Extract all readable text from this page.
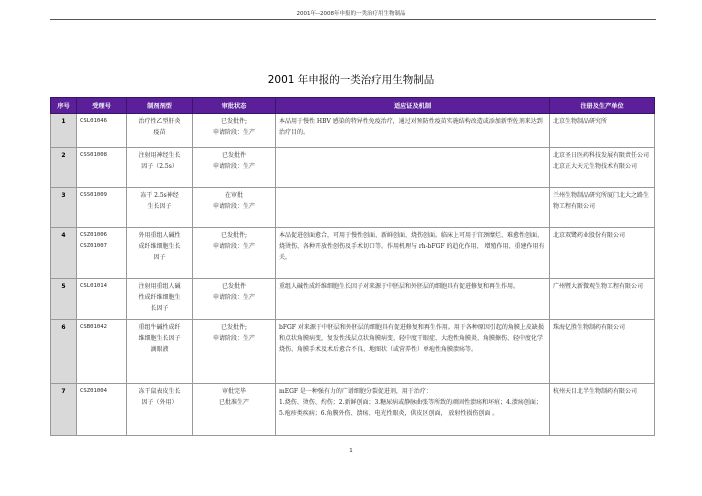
2001年--2008年申报的一类治疗用生物制品
2001 年申报的一类治疗用生物制品
序号	受理号	制剂剂型	审批状态	适应证及机制	注册及生产单位
1	CSL01046	治疗性乙型肝炎
疫苗	已发批件;
申请阶段：生产	本品用于慢性 HBV 感染的特异性免疫治疗，通过对预防性疫苗实施结构改造或添加新型佐剂来达到治疗目的。	北京生物制品研究所
2	CSS01008	注射用神经生长
因子（2.5s）	已发批件
申请阶段：生产		北京圣日医药科技发展有限责任公司北京正大天元生物技术有限公司
3	CSS01009	冻干 2.5s神经
生长因子	在审批
申请阶段：生产		兰州生物制品研究所厦门北大之路生物工程有限公司
4	CSZ01006
CSZ01007	外用重组人碱性
成纤维细胞生长
因子	已发批件;
申请阶段：生产	本品促进创面愈合，可用于慢性创面、新鲜创面、烧伤创面。临床上可用于宫颈糜烂、难愈性创面、烧烫伤、各种开放性创伤及手术切口等。作用机理与 rh-bFGF 的趋化作用、 增殖作用、重建作用有关。	北京双鹭药业股份有限公司
5	CSL01014	注射用重组人碱
性成纤维细胞生
长因子	已发批件
申请阶段：生产	重组人碱性成纤维细胞生长因子对来源于中胚层和外胚层的细胞具有促进修复和再生作用。	广州暨大新微观生物工程有限公司
6	CSB01042	重组牛碱性成纤
维细胞生长因子
滴眼液	已发批件;
申请阶段：生产	bFGF 对来源于中胚层和外胚层的细胞具有促进修复和再生作用。用于各种原因引起的角膜上皮缺损和点状角膜病变，复发性浅层点状角膜病变、轻中度干眼症、大泡性角膜炎、角膜擦伤、轻中度化学烧伤、角膜手术及术后愈合不良、地图状（或营养性）单疱性角膜溃疡等。	珠海亿胜生物制药有限公司
7	CSZ01004	冻干鼠表皮生长
因子（外用）	审批完毕
已批准生产	mEGF 是一种强有力的广谱细胞分裂促进剂，用于治疗：
1.烧伤、烫伤、灼伤；2.新鲜创面；3.糖尿病或静脉曲张等所致的顽固性溃疡和坏疽；4.溃疡创面；5.疱疹类疾病；6.角膜外伤、溃疡、电光性眼炎，供皮区创面， 放射性损伤创面 。	杭州天目北半生物制药有限公司
1
